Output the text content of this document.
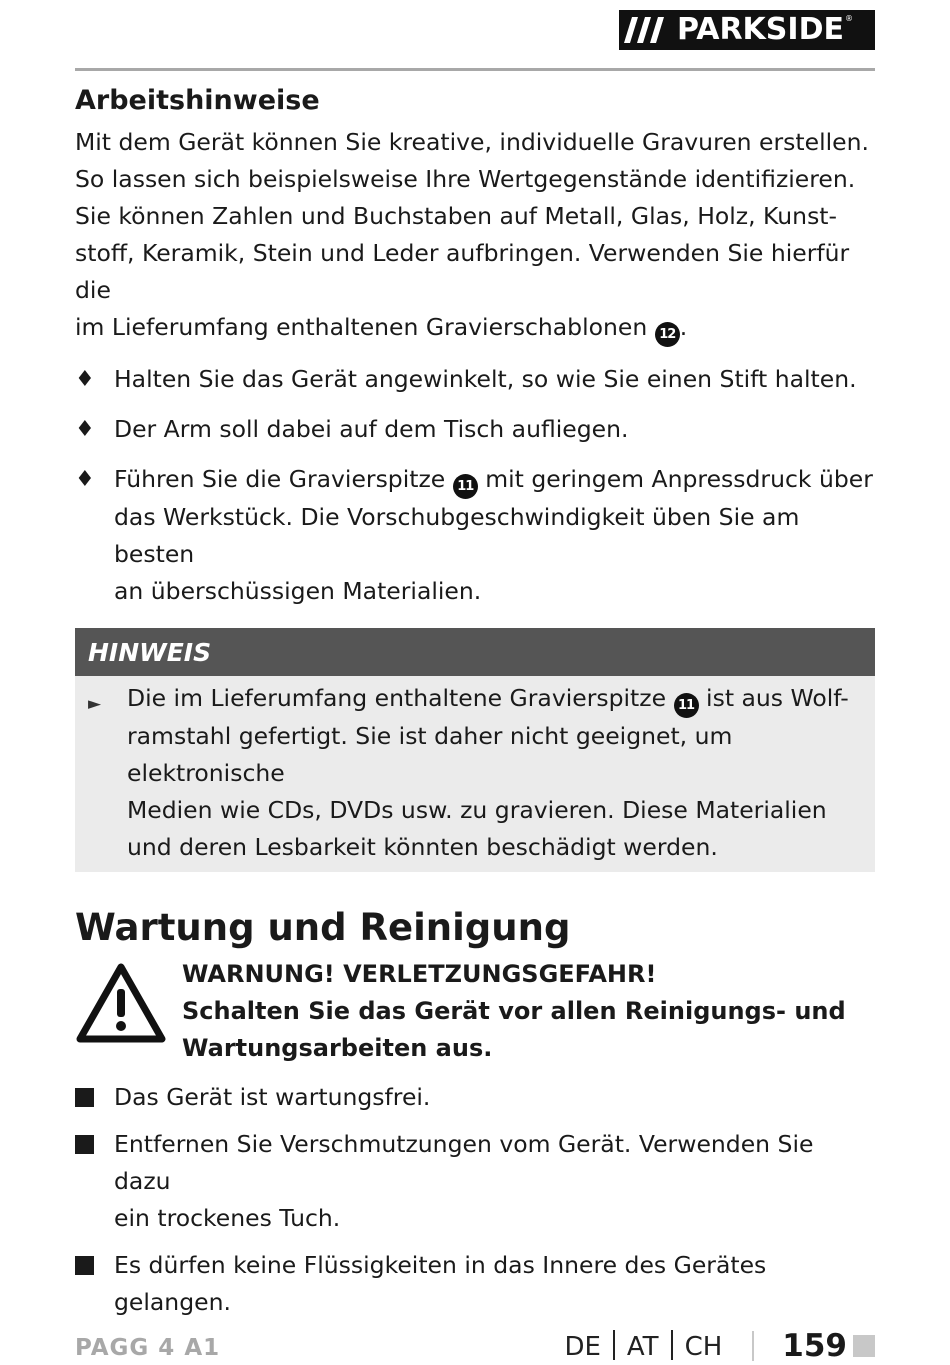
PARKSIDE ®
Arbeitshinweise

Mit dem Gerät können Sie kreative, individuelle Gravuren erstellen.
So lassen sich beispielsweise Ihre Wertgegenstände identifizieren.
Sie können Zahlen und Buchstaben auf Metall, Glas, Holz, Kunst-
stoff, Keramik, Stein und Leder aufbringen. Verwenden Sie hierfür die
im Lieferumfang enthaltenen Gravierschablonen 12 .

♦ Halten Sie das Gerät angewinkelt, so wie Sie einen Stift halten.
♦ Der Arm soll dabei auf dem Tisch aufliegen.
♦ Führen Sie die Gravierspitze 11 mit geringem Anpressdruck über
das Werkstück. Die Vorschubgeschwindigkeit üben Sie am besten
an überschüssigen Materialien.
HINWEIS
► Die im Lieferumfang enthaltene Gravierspitze 11 ist aus Wolf-
ramstahl gefertigt. Sie ist daher nicht geeignet, um elektronische
Medien wie CDs, DVDs usw. zu gravieren. Diese Materialien
und deren Lesbarkeit könnten beschädigt werden.
Wartung und Reinigung
WARNUNG! VERLETZUNGSGEFAHR!
Schalten Sie das Gerät vor allen Reinigungs- und
Wartungsarbeiten aus.
Das Gerät ist wartungsfrei.
Entfernen Sie Verschmutzungen vom Gerät. Verwenden Sie dazu
ein trockenes Tuch.
Es dürfen keine Flüssigkeiten in das Innere des Gerätes gelangen.
PAGG 4 A1	DE AT CH 159
